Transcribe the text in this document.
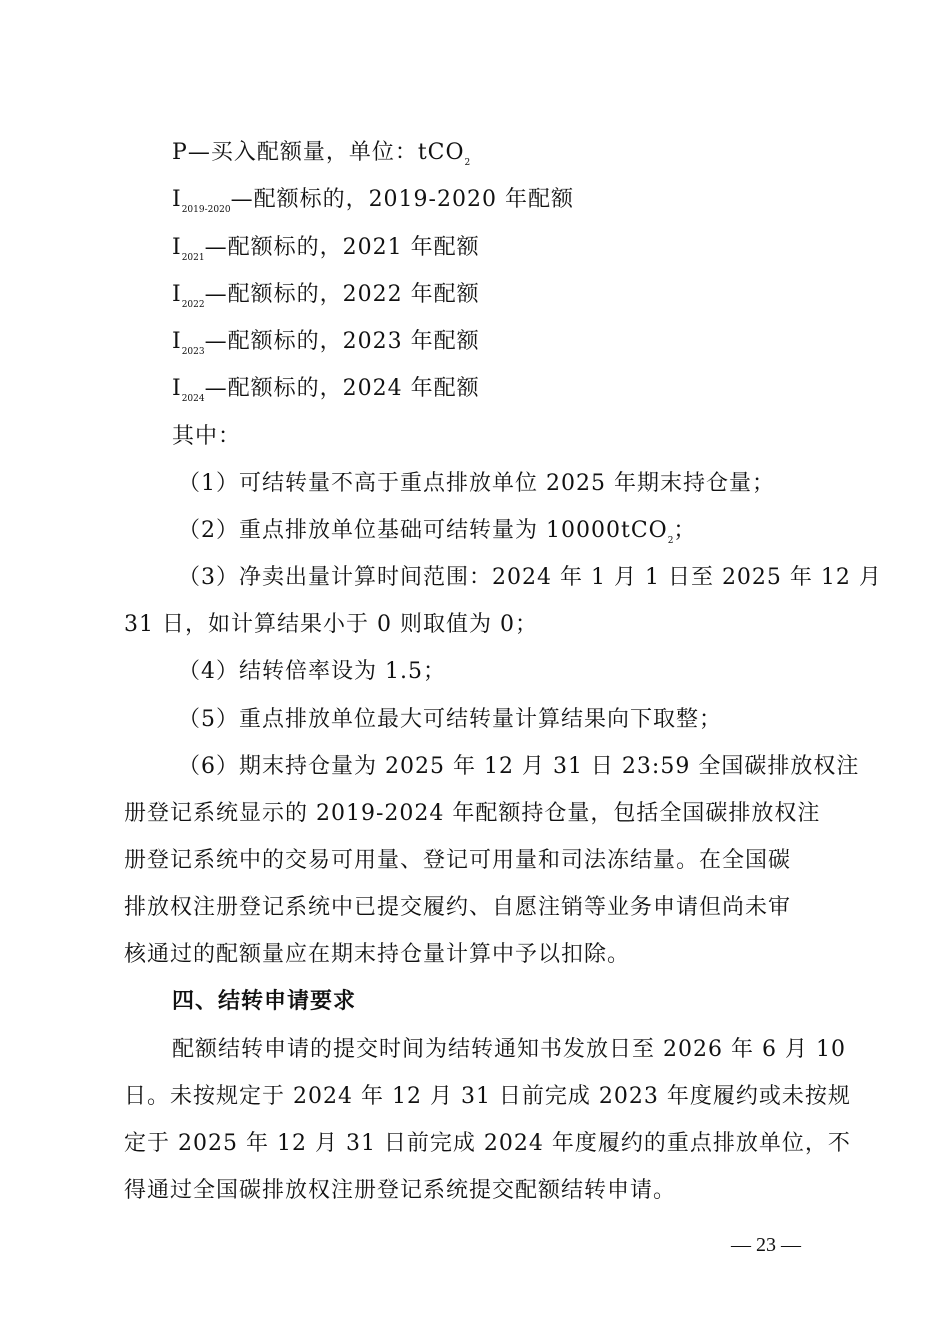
P—买入配额量，单位：tCO$_2$
$I_{2019-2020}—$配额标的，2019-2020 年配额
$I_{2021}—$配额标的，2021 年配额
$I_{2022}—$配额标的，2022 年配额
$I_{2023}—$配额标的，2023 年配额
$I_{2024}—$配额标的，2024 年配额
其中：
（1）可结转量不高于重点排放单位 2025 年期末持仓量；
（2）重点排放单位基础可结转量为 10000tCO$_2$；
（3）净卖出量计算时间范围：2024 年 1 月 1 日至 2025 年 12 月
31 日，如计算结果小于 0 则取值为 0；
（4）结转倍率设为 1.5；
（5）重点排放单位最大可结转量计算结果向下取整；
（6）期末持仓量为 2025 年 12 月 31 日 23:59 全国碳排放权注
册登记系统显示的 2019-2024 年配额持仓量，包括全国碳排放权注
册登记系统中的交易可用量、登记可用量和司法冻结量。在全国碳
排放权注册登记系统中已提交履约、自愿注销等业务申请但尚未审
核通过的配额量应在期末持仓量计算中予以扣除。
四、结转申请要求
配额结转申请的提交时间为结转通知书发放日至 2026 年 6 月 10
日。未按规定于 2024 年 12 月 31 日前完成 2023 年度履约或未按规
定于 2025 年 12 月 31 日前完成 2024 年度履约的重点排放单位，不
得通过全国碳排放权注册登记系统提交配额结转申请。
— 23 —
